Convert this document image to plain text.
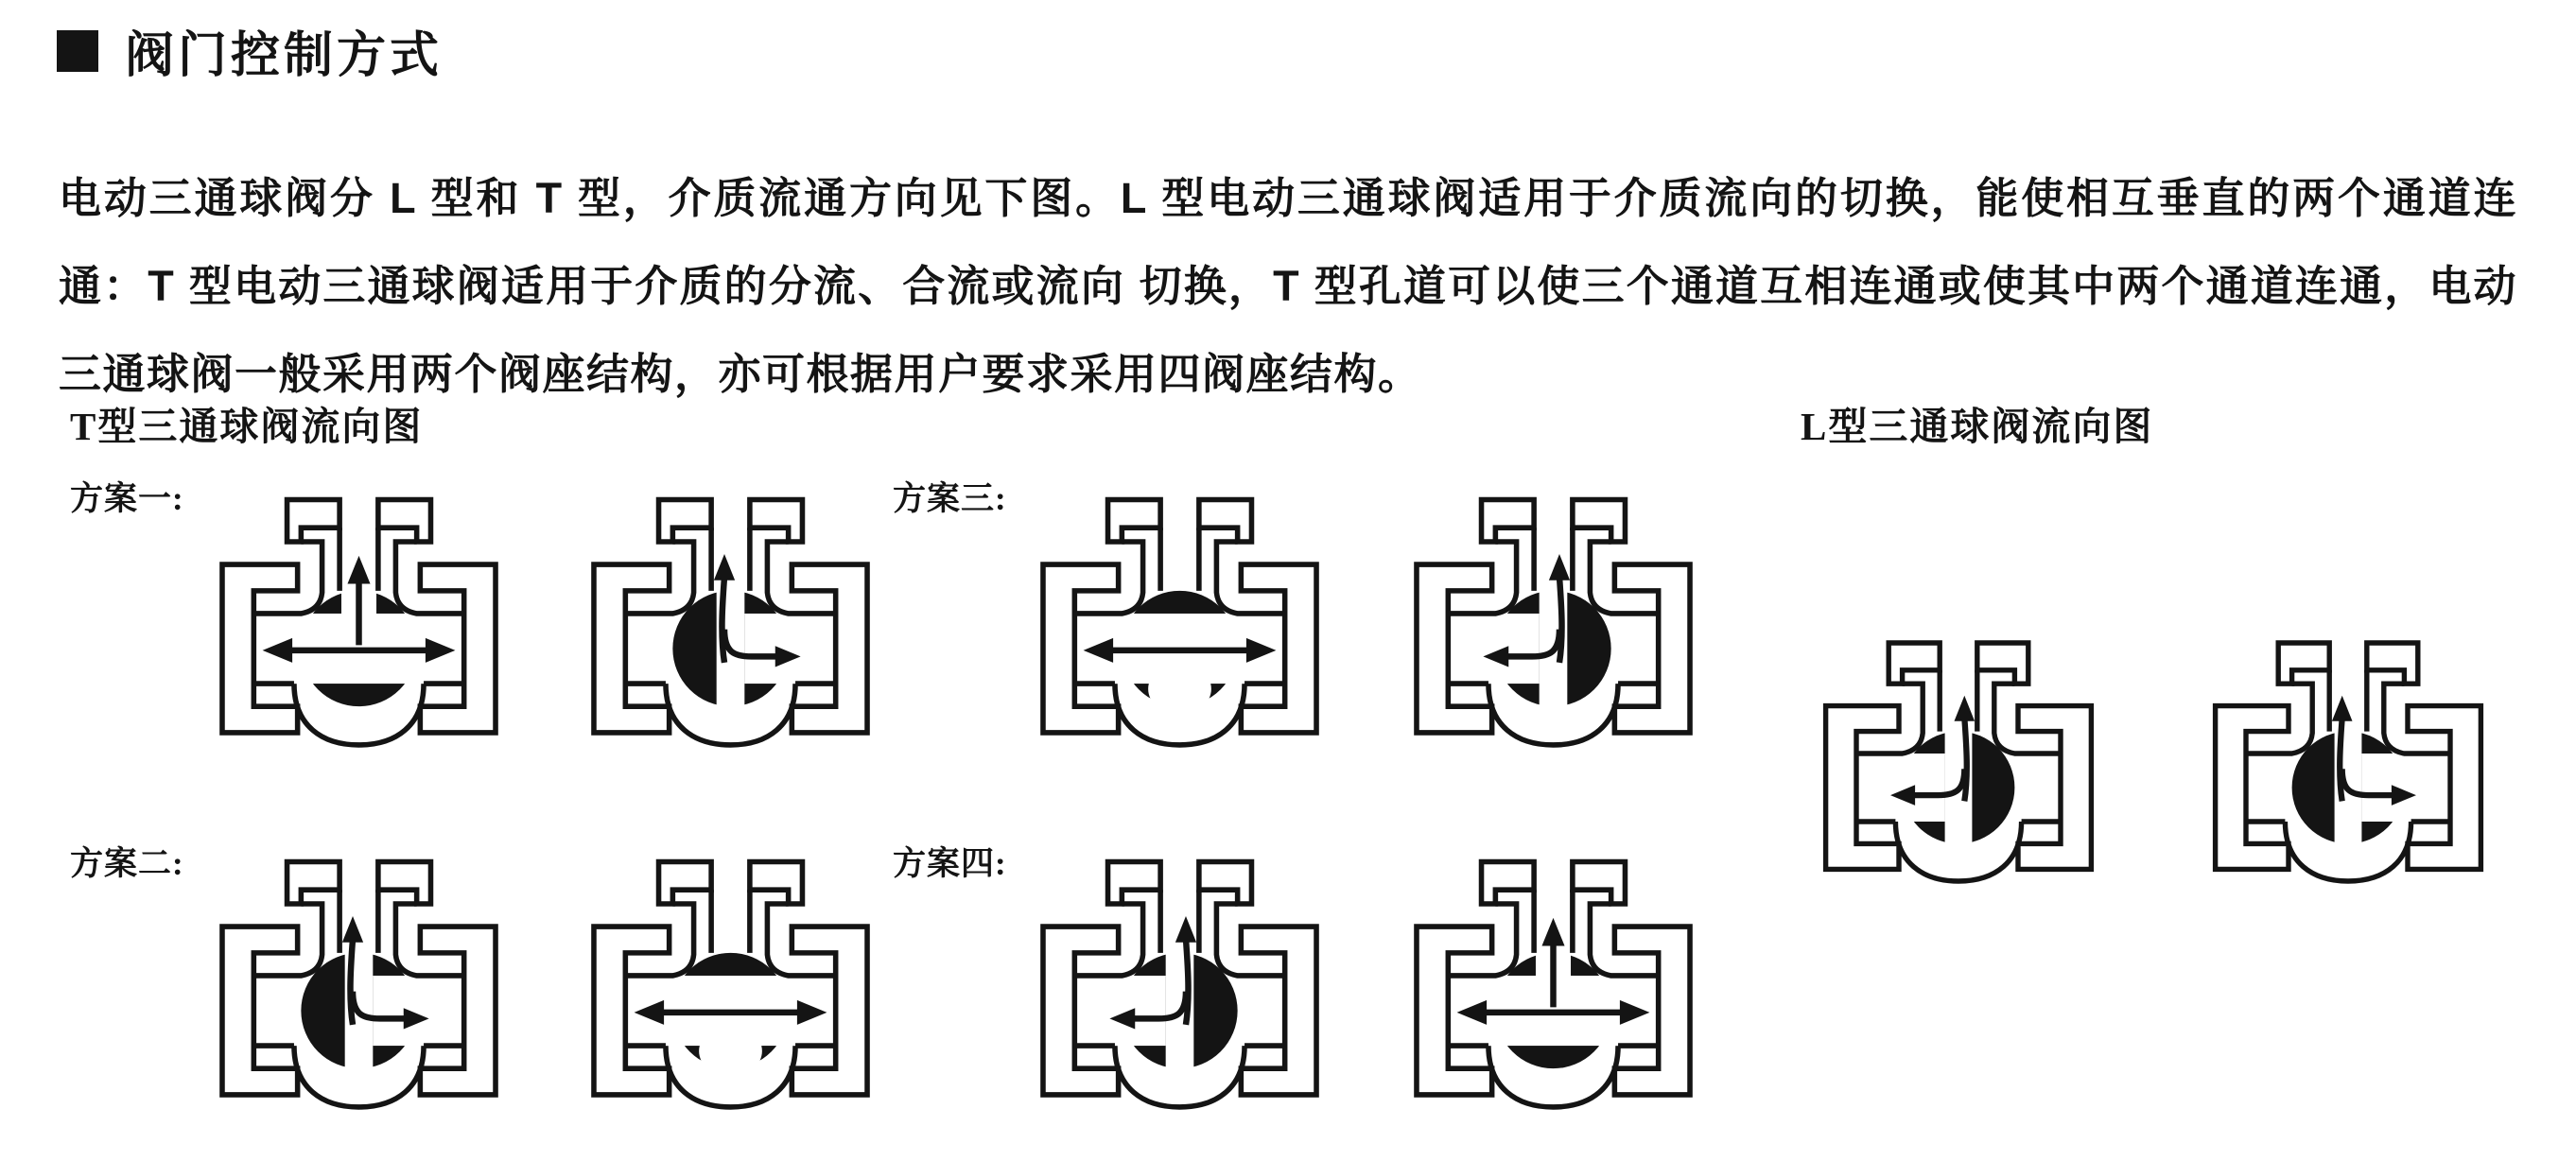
阀门控制方式

电动三通球阀分 L 型和 T 型，介质流通方向见下图。L 型电动三通球阀适用于介质流向的切换，能使相互垂直的两个通道连通：T 型电动三通球阀适用于介质的分流、合流或流向 切换，T 型孔道可以使三个通道互相连通或使其中两个通道连通，电动三通球阀一般采用两个阀座结构，亦可根据用户要求采用四阀座结构。

T型三通球阀流向图	L型三通球阀流向图
方案一:
方案二:
方案三:
方案四:
